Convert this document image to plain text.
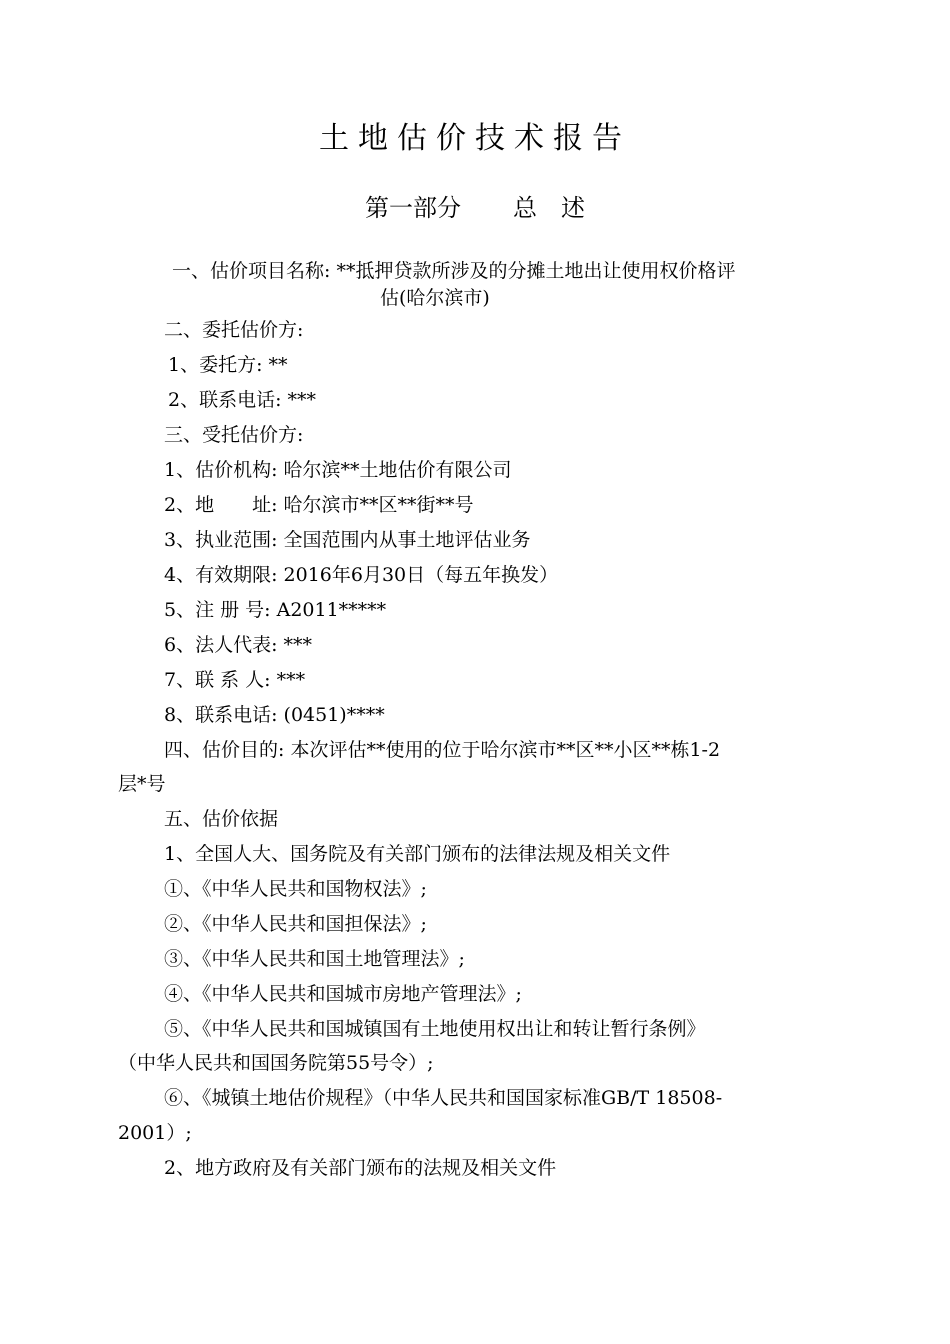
土地估价技术报告
第一部分 总 述
一、估价项目名称: **抵押贷款所涉及的分摊土地出让使用权价格评
估(哈尔滨市)
二、委托估价方:
1、委托方: **
2、联系电话: ***
三、受托估价方:
1、估价机构: 哈尔滨**土地估价有限公司
2、地　　址: 哈尔滨市**区**街**号
3、执业范围: 全国范围内从事土地评估业务
4、有效期限: 2016年6月30日（每五年换发）
5、注 册 号: A2011*****
6、法人代表: ***
7、联 系 人: ***
8、联系电话: (0451)****
四、估价目的: 本次评估**使用的位于哈尔滨市**区**小区**栋1-2
层*号
五、估价依据
1、全国人大、国务院及有关部门颁布的法律法规及相关文件
①、《中华人民共和国物权法》;
②、《中华人民共和国担保法》;
③、《中华人民共和国土地管理法》;
④、《中华人民共和国城市房地产管理法》;
⑤、《中华人民共和国城镇国有土地使用权出让和转让暂行条例》
（中华人民共和国国务院第55号令）;
⑥、《城镇土地估价规程》（中华人民共和国国家标准GB/T 18508-
2001）;
2、地方政府及有关部门颁布的法规及相关文件
